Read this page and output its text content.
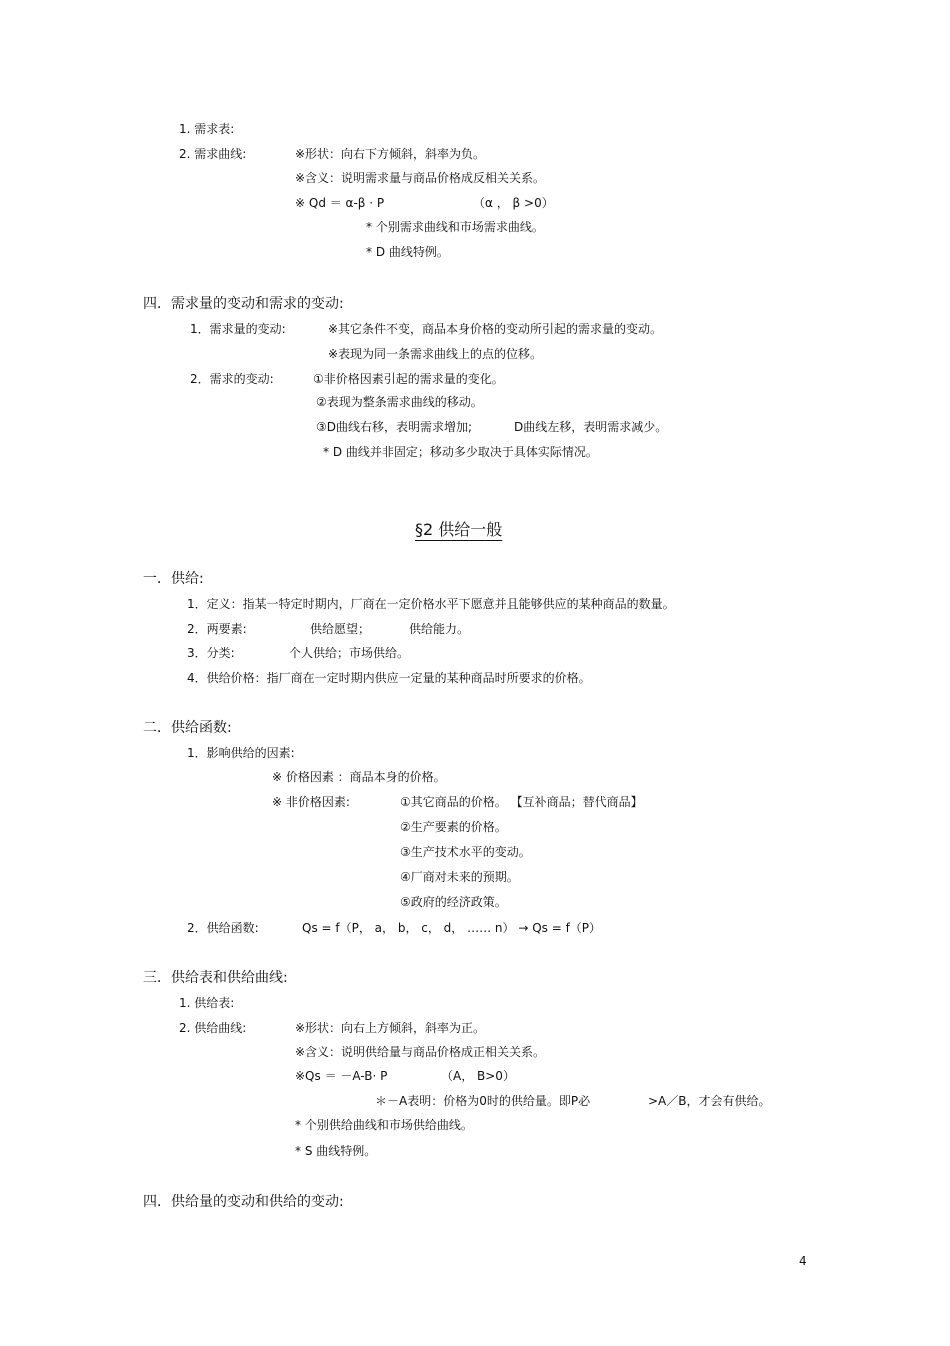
1. 需求表:
2. 需求曲线:	※形状：向右下方倾斜，斜率为负。
※含义：说明需求量与商品价格成反相关关系。
※ Qd ＝ α-β · P	（α ， β >0）
* 个别需求曲线和市场需求曲线。
* D 曲线特例。
四．需求量的变动和需求的变动:
1．需求量的变动:	※其它条件不变，商品本身价格的变动所引起的需求量的变动。
※表现为同一条需求曲线上的点的位移。
2．需求的变动:	①非价格因素引起的需求量的变化。
②表现为整条需求曲线的移动。
③D曲线右移，表明需求增加;	D曲线左移，表明需求减少。
* D 曲线并非固定；移动多少取决于具体实际情况。
§2 供给一般
一．供给:
1．定义：指某一特定时期内，厂商在一定价格水平下愿意并且能够供应的某种商品的数量。
2．两要素:	供给愿望；	供给能力。
3．分类:	个人供给；市场供给。
4．供给价格：指厂商在一定时期内供应一定量的某种商品时所要求的价格。
二．供给函数:
1．影响供给的因素:
※ 价格因素 ：商品本身的价格。
※ 非价格因素:	①其它商品的价格。 【互补商品；替代商品】
②生产要素的价格。
③生产技术水平的变动。
④厂商对未来的预期。
⑤政府的经济政策。
2．供给函数:	Qs = f（P， a， b， c， d， …… n） → Qs = f（P）
三．供给表和供给曲线:
1. 供给表:
2. 供给曲线:	※形状：向右上方倾斜，斜率为正。
※含义：说明供给量与商品价格成正相关关系。
※Qs ＝ －A-B· P	（A， B>0）
＊－A表明：价格为0时的供给量。即P必	>A／B，才会有供给。
* 个别供给曲线和市场供给曲线。
* S 曲线特例。
四．供给量的变动和供给的变动:
4
